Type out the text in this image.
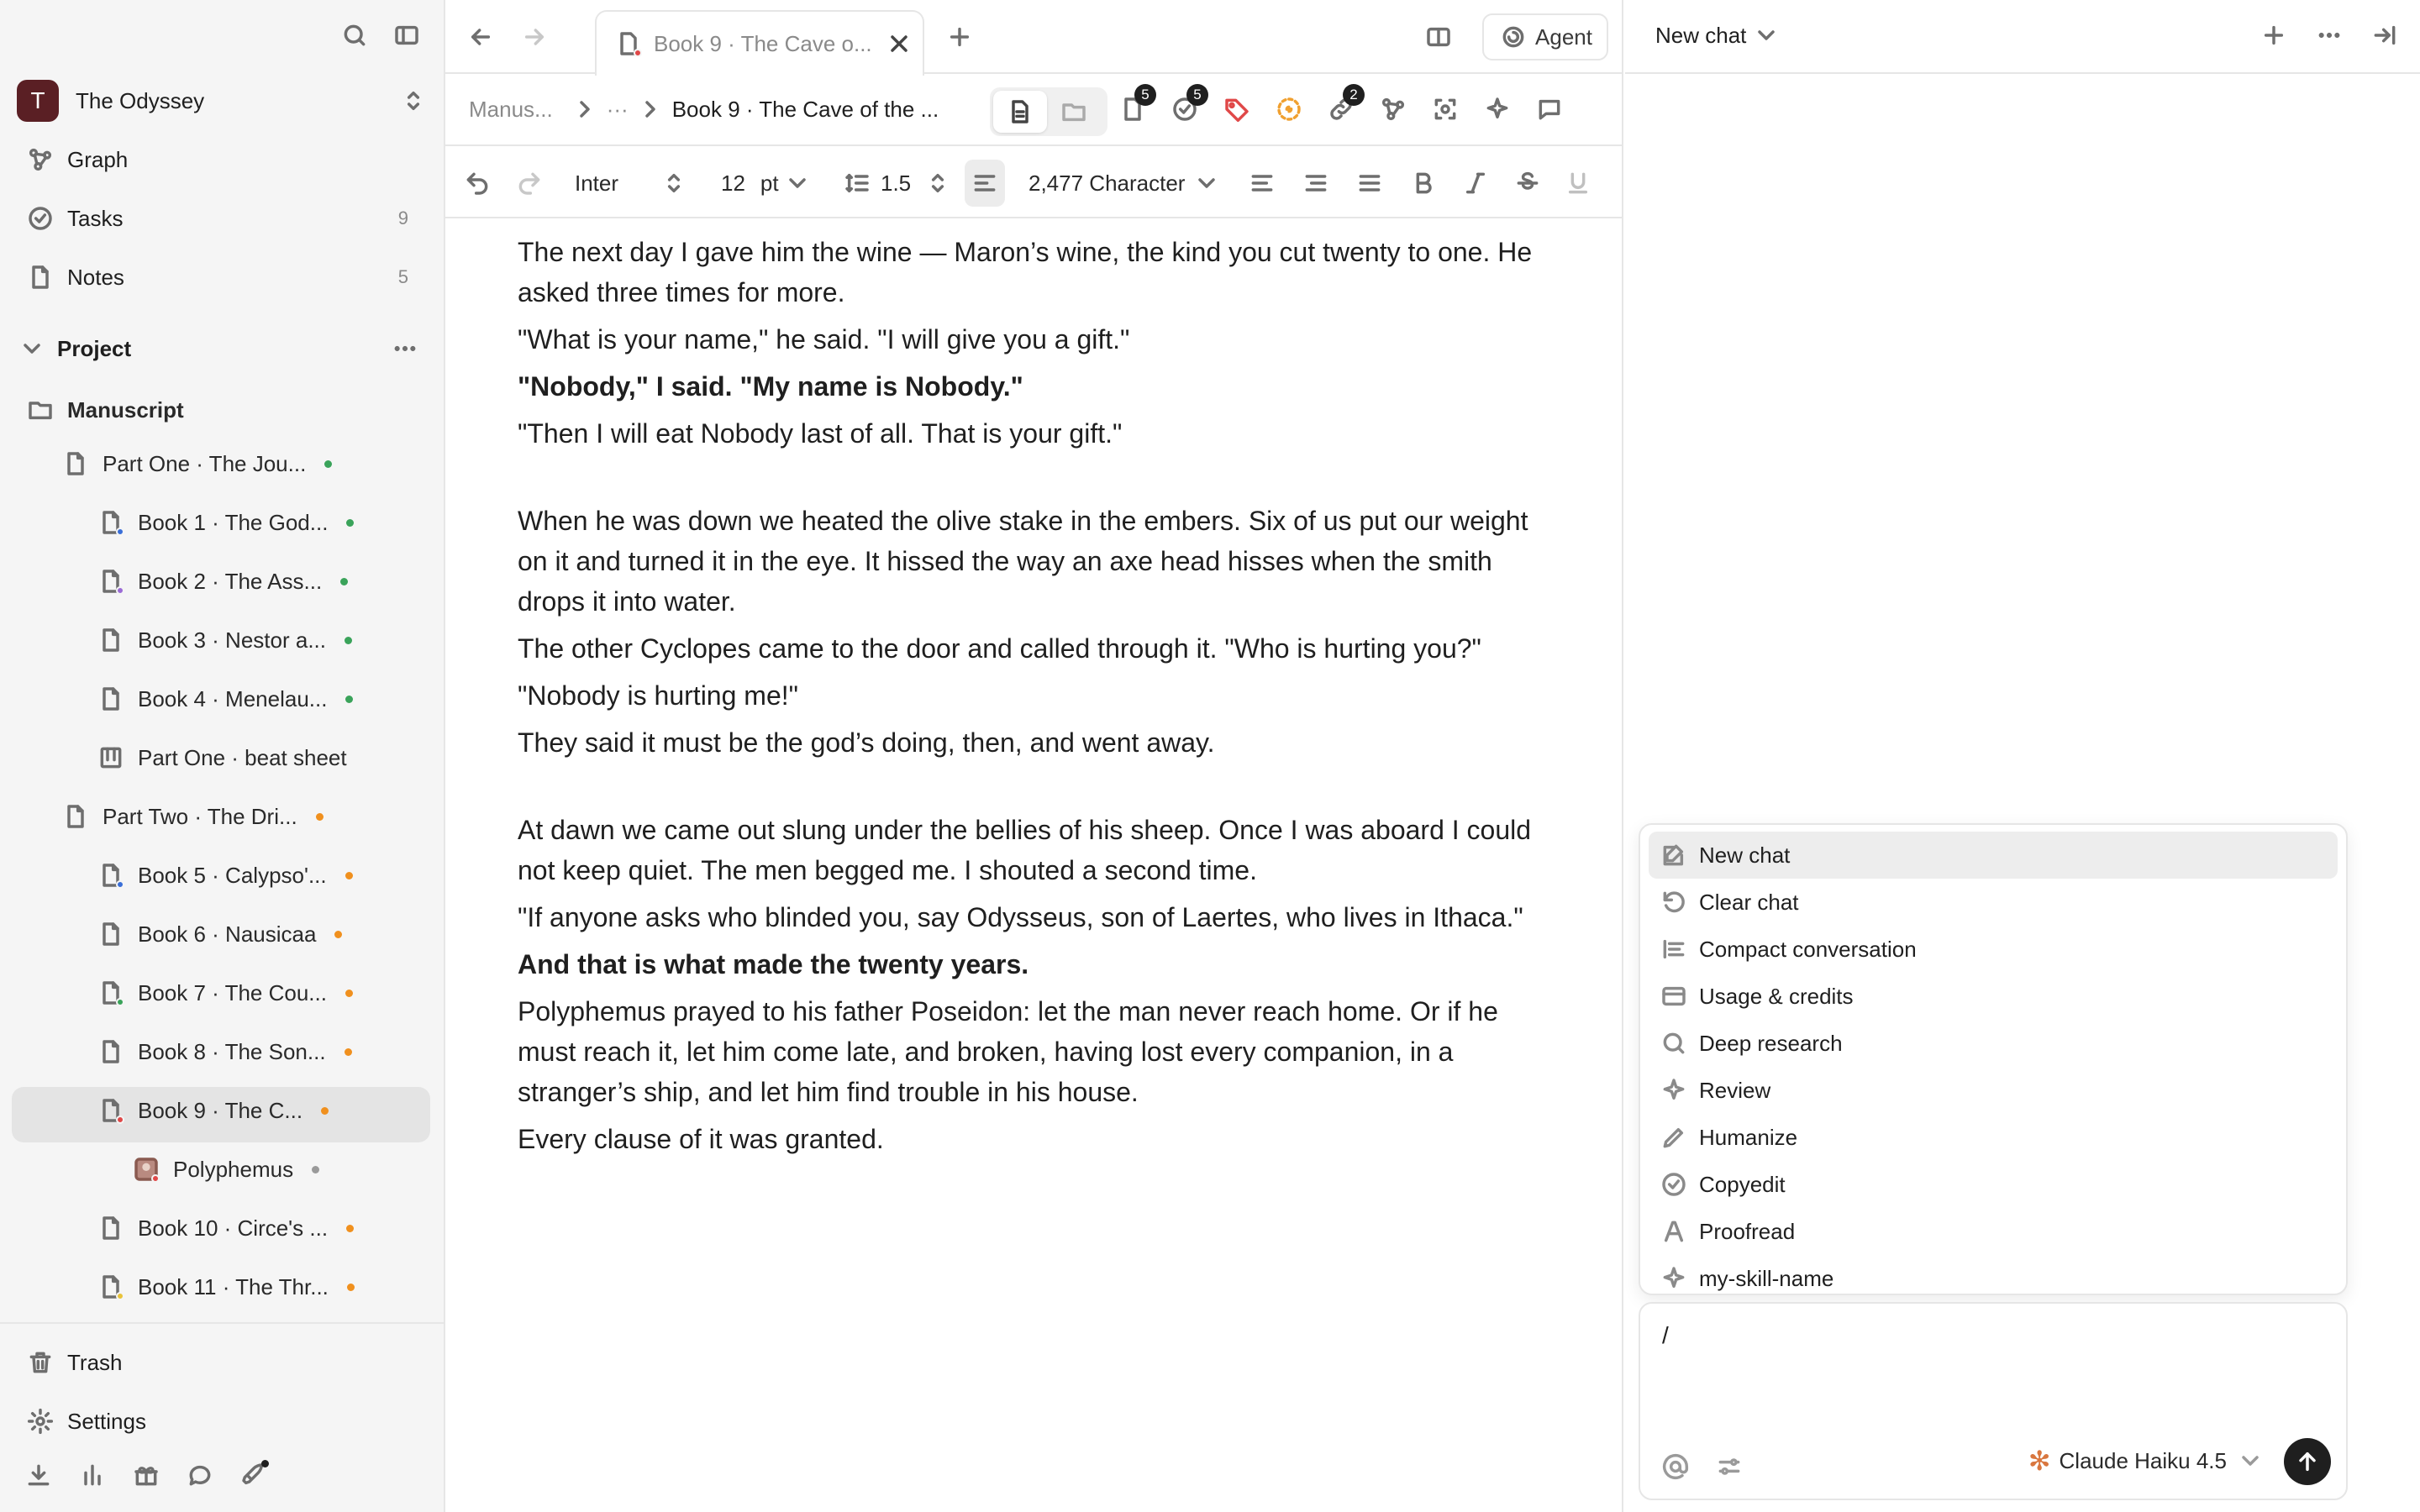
T	The Odyssey
Graph
Tasks	9
Notes	5
Project
Manuscript
Part One · The Jou...
Book 1 · The God...
Book 2 · The Ass...
Book 3 · Nestor a...
Book 4 · Menelau...
Part One · beat sheet
Part Two · The Dri...
Book 5 · Calypso'...
Book 6 · Nausicaa
Book 7 · The Cou...
Book 8 · The Son...
Book 9 · The C...
Polyphemus
Book 10 · Circe's ...
Book 11 · The Thr...
Trash
Settings
Book 9 · The Cave o...	Agent
Manus... ··· Book 9 · The Cave of the ...
5	5	2
Inter	12 pt	1.5	2,477 Character

The next day I gave him the wine — Maron’s wine, the kind you cut twenty to one. He asked three times for more.

"What is your name," he said. "I will give you a gift."

"Nobody," I said. "My name is Nobody."

"Then I will eat Nobody last of all. That is your gift."

When he was down we heated the olive stake in the embers. Six of us put our weight on it and turned it in the eye. It hissed the way an axe head hisses when the smith drops it into water.

The other Cyclopes came to the door and called through it. "Who is hurting you?"

"Nobody is hurting me!"

They said it must be the god’s doing, then, and went away.

At dawn we came out slung under the bellies of his sheep. Once I was aboard I could not keep quiet. The men begged me. I shouted a second time.

"If anyone asks who blinded you, say Odysseus, son of Laertes, who lives in Ithaca."

And that is what made the twenty years.

Polyphemus prayed to his father Poseidon: let the man never reach home. Or if he must reach it, let him come late, and broken, having lost every companion, in a stranger’s ship, and let him find trouble in his house.

Every clause of it was granted.

New chat
New chat
Clear chat
Compact conversation
Usage & credits
Deep research
Review
Humanize
Copyedit
Proofread
my-skill-name
/
✻ Claude Haiku 4.5
